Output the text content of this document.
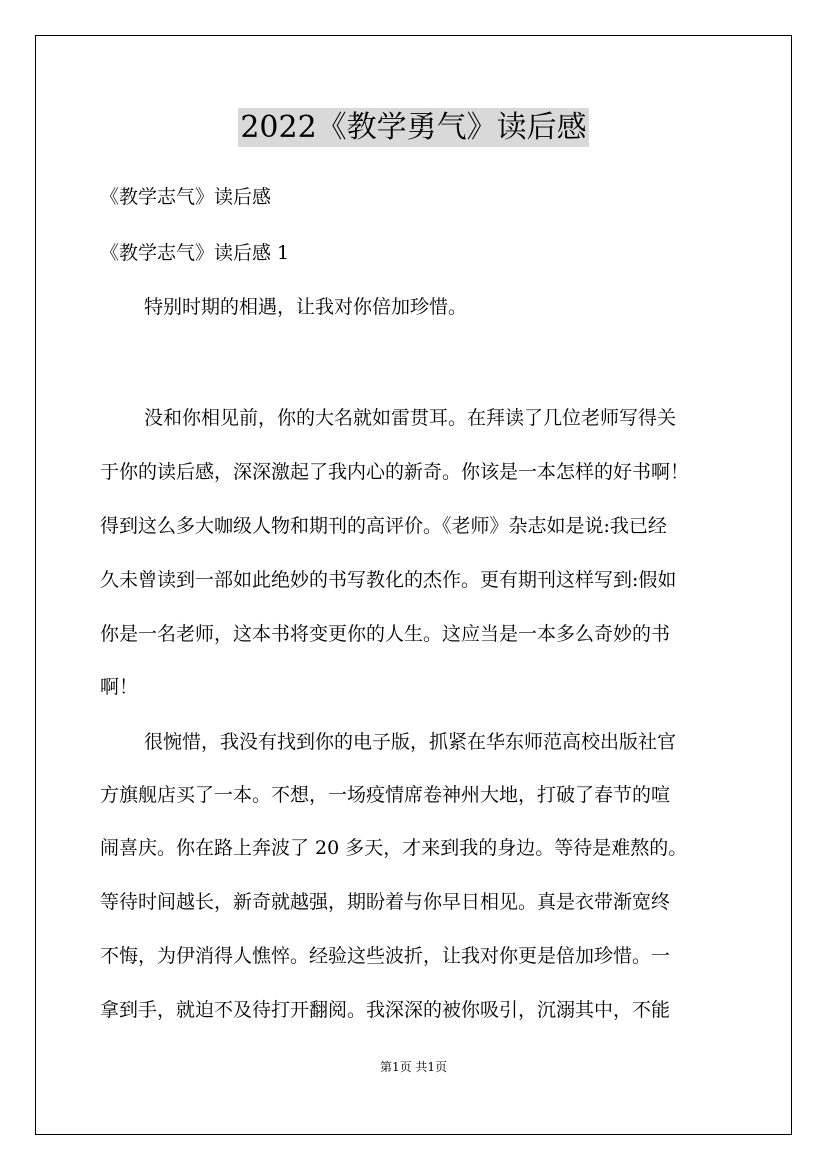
2022《教学勇气》读后感
《教学志气》读后感
《教学志气》读后感 1
特别时期的相遇，让我对你倍加珍惜。
没和你相见前，你的大名就如雷贯耳。在拜读了几位老师写得关
于你的读后感，深深激起了我内心的新奇。你该是一本怎样的好书啊！
得到这么多大咖级人物和期刊的高评价。《老师》杂志如是说:我已经
久未曾读到一部如此绝妙的书写教化的杰作。更有期刊这样写到:假如
你是一名老师，这本书将变更你的人生。这应当是一本多么奇妙的书
啊！
很惋惜，我没有找到你的电子版，抓紧在华东师范高校出版社官
方旗舰店买了一本。不想，一场疫情席卷神州大地，打破了春节的喧
闹喜庆。你在路上奔波了 20 多天，才来到我的身边。等待是难熬的。
等待时间越长，新奇就越强，期盼着与你早日相见。真是衣带渐宽终
不悔，为伊消得人憔悴。经验这些波折，让我对你更是倍加珍惜。一
拿到手，就迫不及待打开翻阅。我深深的被你吸引，沉溺其中，不能
第1页 共1页
